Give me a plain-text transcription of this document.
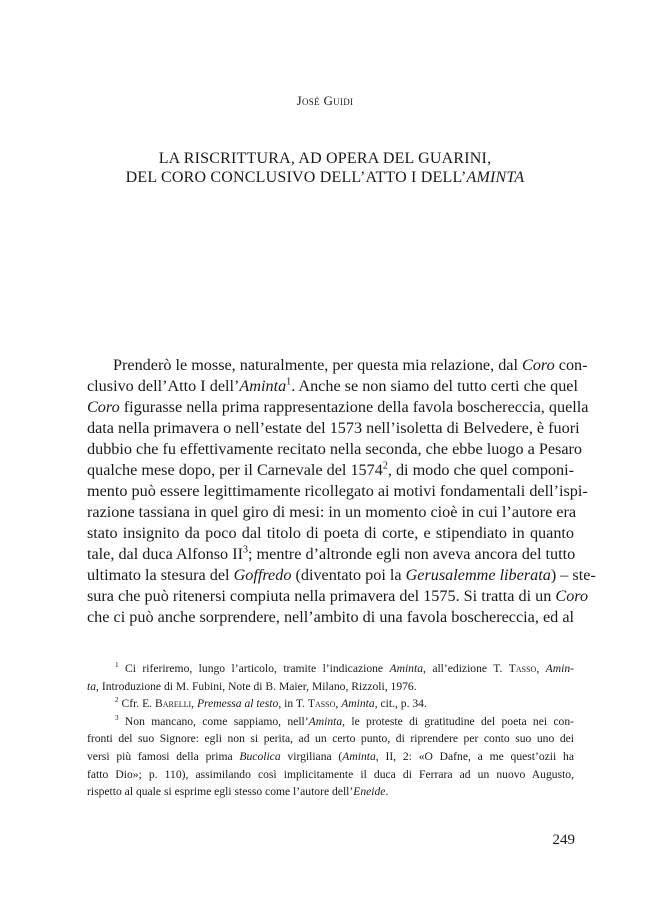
José Guidi
LA RISCRITTURA, AD OPERA DEL GUARINI,
DEL CORO CONCLUSIVO DELL’ATTO I DELL’AMINTA
Prenderò le mosse, naturalmente, per questa mia relazione, dal Coro con-
clusivo dell’Atto I dell’Aminta$^1$. Anche se non siamo del tutto certi che quel
Coro figurasse nella prima rappresentazione della favola boschereccia, quella
data nella primavera o nell’estate del 1573 nell’isoletta di Belvedere, è fuori
dubbio che fu effettivamente recitato nella seconda, che ebbe luogo a Pesaro
qualche mese dopo, per il Carnevale del 1574$^2$, di modo che quel componi-
mento può essere legittimamente ricollegato ai motivi fondamentali dell’ispi-
razione tassiana in quel giro di mesi: in un momento cioè in cui l’autore era
stato insignito da poco dal titolo di poeta di corte, e stipendiato in quanto
tale, dal duca Alfonso $II^3$; mentre d’altronde egli non aveva ancora del tutto
ultimato la stesura del Goffredo (diventato poi la Gerusalemme liberata) – ste-
sura che può ritenersi compiuta nella primavera del 1575. Si tratta di un Coro
che ci può anche sorprendere, nell’ambito di una favola boschereccia, ed al
$^1$ Ci riferiremo, lungo l’articolo, tramite l’indicazione Aminta, all’edizione T. Tasso, Amin-
ta, Introduzione di M. Fubini, Note di B. Maier, Milano, Rizzoli, 1976.
$^2$ Cfr. E. Barelli, Premessa al testo, in T. Tasso, Aminta, cit., p. 34.
$^3$ Non mancano, come sappiamo, nell’Aminta, le proteste di gratitudine del poeta nei con-
fronti del suo Signore: egli non si perita, ad un certo punto, di riprendere per conto suo uno dei
versi più famosi della prima Bucolica virgiliana (Aminta, II, 2: «O Dafne, a me quest’ozii ha
fatto Dio»; p. 110), assimilando così implicitamente il duca di Ferrara ad un nuovo Augusto,
rispetto al quale si esprime egli stesso come l’autore dell’Eneide.
249
